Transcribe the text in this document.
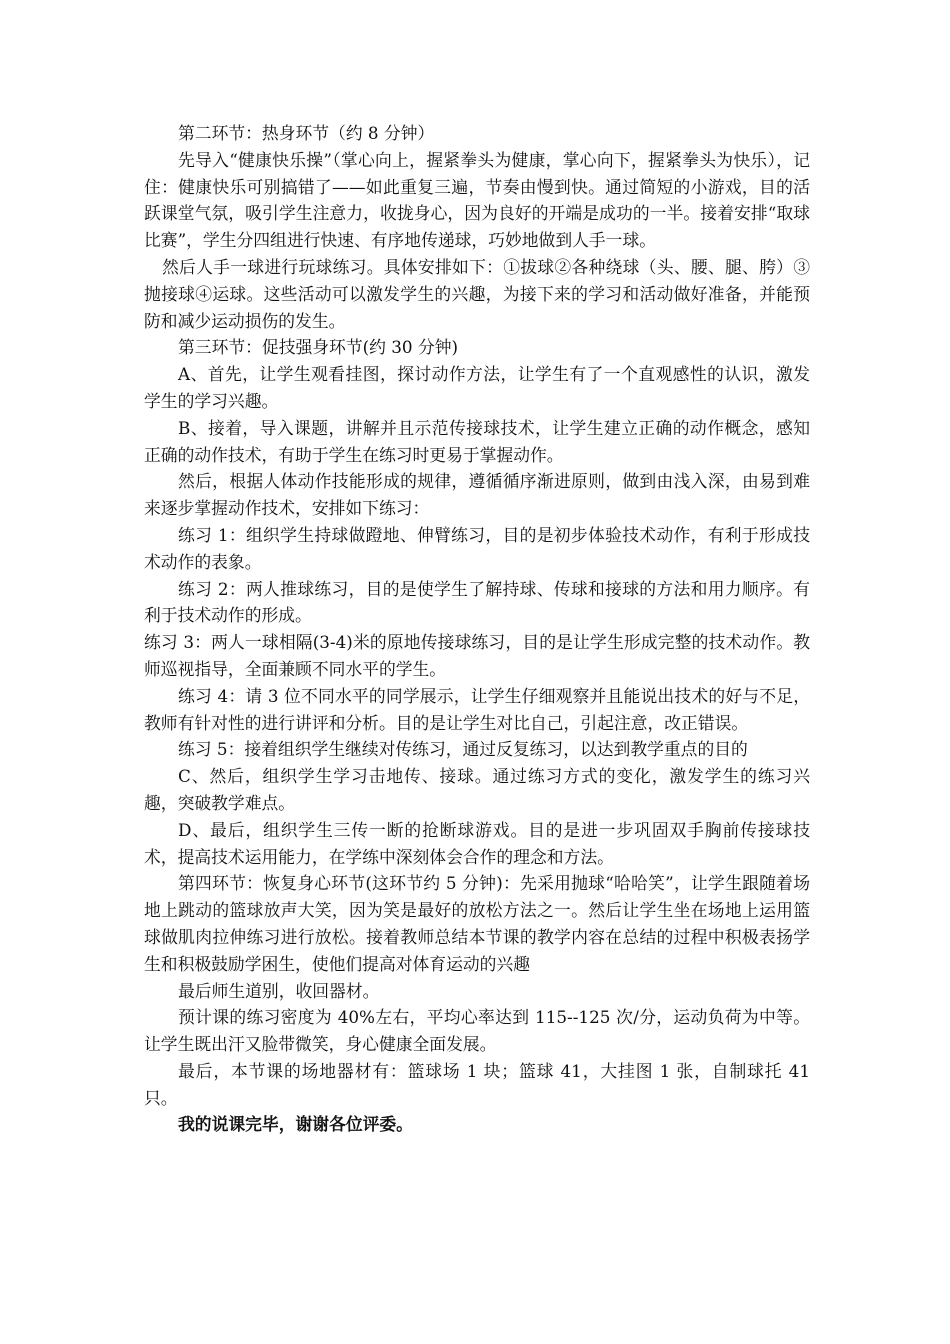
第二环节：热身环节（约 8 分钟）

先导入“健康快乐操”（掌心向上，握紧拳头为健康，掌心向下，握紧拳头为快乐），记住：健康快乐可别搞错了——如此重复三遍，节奏由慢到快。通过简短的小游戏，目的活跃课堂气氛，吸引学生注意力，收拢身心，因为良好的开端是成功的一半。接着安排“取球比赛”，学生分四组进行快速、有序地传递球，巧妙地做到人手一球。

然后人手一球进行玩球练习。具体安排如下：①拔球②各种绕球（头、腰、腿、胯）③抛接球④运球。这些活动可以激发学生的兴趣，为接下来的学习和活动做好准备，并能预防和减少运动损伤的发生。

第三环节：促技强身环节(约 30 分钟)

A、首先，让学生观看挂图，探讨动作方法，让学生有了一个直观感性的认识，激发学生的学习兴趣。

B、接着，导入课题，讲解并且示范传接球技术，让学生建立正确的动作概念，感知正确的动作技术，有助于学生在练习时更易于掌握动作。

然后，根据人体动作技能形成的规律，遵循循序渐进原则，做到由浅入深，由易到难来逐步掌握动作技术，安排如下练习：

练习 1：组织学生持球做蹬地、伸臂练习，目的是初步体验技术动作，有利于形成技术动作的表象。

练习 2：两人推球练习，目的是使学生了解持球、传球和接球的方法和用力顺序。有利于技术动作的形成。

练习 3：两人一球相隔(3-4)米的原地传接球练习，目的是让学生形成完整的技术动作。教师巡视指导，全面兼顾不同水平的学生。

练习 4：请 3 位不同水平的同学展示，让学生仔细观察并且能说出技术的好与不足，教师有针对性的进行讲评和分析。目的是让学生对比自己，引起注意，改正错误。

练习 5：接着组织学生继续对传练习，通过反复练习，以达到教学重点的目的

C、然后，组织学生学习击地传、接球。通过练习方式的变化，激发学生的练习兴趣，突破教学难点。

D、最后，组织学生三传一断的抢断球游戏。目的是进一步巩固双手胸前传接球技术，提高技术运用能力，在学练中深刻体会合作的理念和方法。

第四环节：恢复身心环节(这环节约 5 分钟)：先采用抛球“哈哈笑”，让学生跟随着场地上跳动的篮球放声大笑，因为笑是最好的放松方法之一。然后让学生坐在场地上运用篮球做肌肉拉伸练习进行放松。接着教师总结本节课的教学内容在总结的过程中积极表扬学生和积极鼓励学困生，使他们提高对体育运动的兴趣

最后师生道别，收回器材。

预计课的练习密度为 40%左右，平均心率达到 115--125 次/分，运动负荷为中等。让学生既出汗又脸带微笑，身心健康全面发展。

最后，本节课的场地器材有：篮球场 1 块；篮球 41，大挂图 1 张，自制球托 41 只。

我的说课完毕，谢谢各位评委。
